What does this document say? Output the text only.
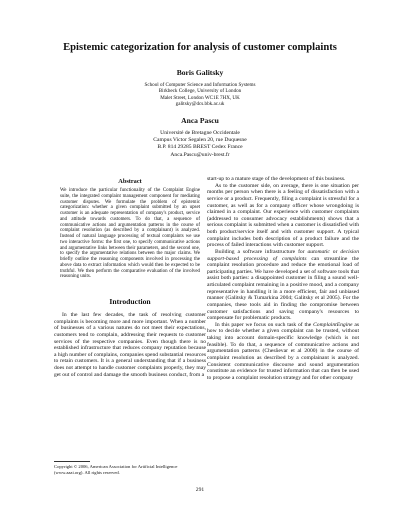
Epistemic categorization for analysis of customer complaints
Boris Galitsky
School of Computer Science and Information Systems
Birkbeck College, University of London
Malet Street, London WC1E 7HX, UK
galitsky@dcs.bbk.ac.uk
Anca Pascu
Université de Bretagne Occidentale
Campus Victor Segalen 20, rue Duquesne
B.P. 814 29285 BREST Cedex France
Anca.Pascu@univ-brest.fr
Abstract

We introduce the particular functionality of the Complaint Engine suite, the integrated complaint management component for mediating customer disputes. We formulate the problem of epistemic categorization: whether a given complaint submitted by an upset customer is an adequate representation of company's product, service and attitude towards customers. To do that, a sequence of communicative actions and argumentation patterns in the course of complaint resolution (as described by a complainant) is analyzed. Instead of natural language processing of textual complaints we use two interactive forms: the first one, to specify communicative actions and argumentative links between their parameters, and the second one, to specify the argumentative relations between the major claims. We briefly outline the reasoning components involved in processing the above data to extract information which would then be expected to be truthful. We then perform the comparative evaluation of the involved reasoning units.

Introduction

In the last few decades, the task of resolving customer complaints is becoming more and more important. When a number of businesses of a various natures do not meet their expectations, customers tend to complain, addressing their requests to customer services of the respective companies. Even though there is no established infrastructure that reduces company reputation because a high number of complains, companies spend substantial resources to retain customers. It is a general understanding that if a business does not attempt to handle customer complaints properly, they may get out of control and damage the smooth business conduct, from a

start-up to a mature stage of the development of this business.

As to the customer side, on average, there is one situation per months per person when there is a feeling of dissatisfaction with a service or a product. Frequently, filing a complaint is stressful for a customer, as well as for a company officer whose wrongdoing is claimed in a complaint. Our experience with customer complaints (addressed to consumer advocacy establishments) shows that a serious complaint is submitted when a customer is dissatisfied with both product/service itself and with customer support. A typical complaint includes both description of a product failure and the process of failed interactions with customer support.

Building a software infrastructure for automatic or decision support-based processing of complaints can streamline the complaint resolution procedure and reduce the emotional load of participating parties. We have developed a set of software tools that assist both parties: a disappointed customer in filing a sound well-articulated complaint remaining in a positive mood, and a company representative in handling it in a more efficient, fair and unbiased manner (Galitsky & Tumarkina 2004; Galitsky et al 2005). For the companies, these tools aid in finding the compromise between customer satisfactions and saving company's resources to compensate for problematic products.

In this paper we focus on such task of the ComplaintEngine as how to decide whether a given complaint can be trusted, without taking into account domain-specific knowledge (which is not feasible). To do that, a sequence of communicative actions and argumentation patterns (Chesñevar et al 2000) in the course of complaint resolution as described by a complainant is analyzed. Consistent communicative discourse and sound argumentation constitute an evidence for trusted information that can then be used to propose a complaint resolution strategy and for other company

Copyright © 2006, American Association for Artificial Intelligence (www.aaai.org). All rights reserved.
291
